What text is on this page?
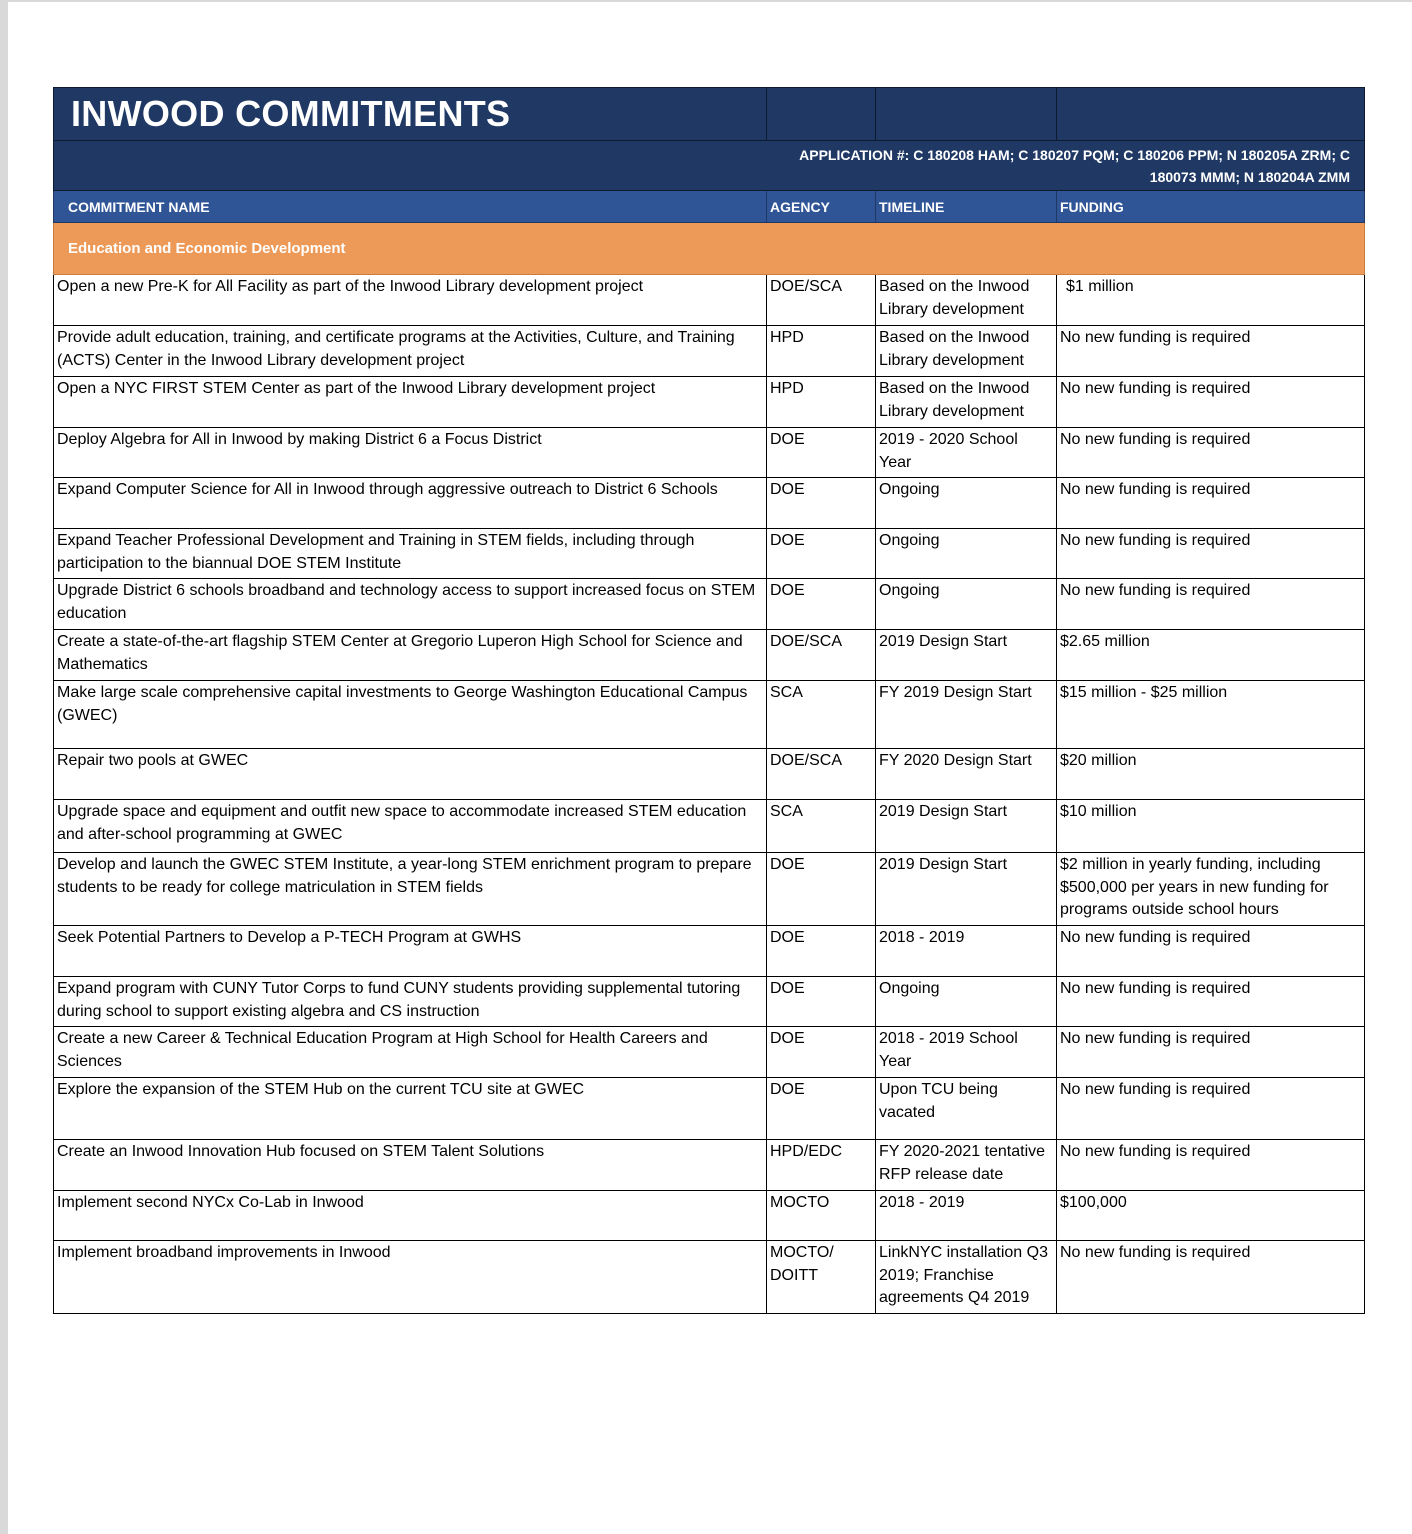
INWOOD COMMITMENTS			
	APPLICATION #: C 180208 HAM; C 180207 PQM; C 180206 PPM; N 180205A ZRM; C 180073 MMM; N 180204A ZMM		
COMMITMENT NAME	AGENCY	TIMELINE	FUNDING
Education and Economic Development			
Open a new Pre-K for All Facility as part of the Inwood Library development project	DOE/SCA	Based on the Inwood Library development	$1 million
Provide adult education, training, and certificate programs at the Activities, Culture, and Training (ACTS) Center in the Inwood Library development project	HPD	Based on the Inwood Library development	No new funding is required
Open a NYC FIRST STEM Center as part of the Inwood Library development project	HPD	Based on the Inwood Library development	No new funding is required
Deploy Algebra for All in Inwood by making District 6 a Focus District	DOE	2019 - 2020 School Year	No new funding is required
Expand Computer Science for All in Inwood through aggressive outreach to District 6 Schools	DOE	Ongoing	No new funding is required
Expand Teacher Professional Development and Training in STEM fields, including through participation to the biannual DOE STEM Institute	DOE	Ongoing	No new funding is required
Upgrade District 6 schools broadband and technology access to support increased focus on STEM education	DOE	Ongoing	No new funding is required
Create a state-of-the-art flagship STEM Center at Gregorio Luperon High School for Science and Mathematics	DOE/SCA	2019 Design Start	$2.65 million
Make large scale comprehensive capital investments to George Washington Educational Campus (GWEC)	SCA	FY 2019 Design Start	$15 million - $25 million
Repair two pools at GWEC	DOE/SCA	FY 2020 Design Start	$20 million
Upgrade space and equipment and outfit new space to accommodate increased STEM education and after-school programming at GWEC	SCA	2019 Design Start	$10 million
Develop and launch the GWEC STEM Institute, a year-long STEM enrichment program to prepare students to be ready for college matriculation in STEM fields	DOE	2019 Design Start	$2 million in yearly funding, including $500,000 per years in new funding for programs outside school hours
Seek Potential Partners to Develop a P-TECH Program at GWHS	DOE	2018 - 2019	No new funding is required
Expand program with CUNY Tutor Corps to fund CUNY students providing supplemental tutoring during school to support existing algebra and CS instruction	DOE	Ongoing	No new funding is required
Create a new Career & Technical Education Program at High School for Health Careers and Sciences	DOE	2018 - 2019 School Year	No new funding is required
Explore the expansion of the STEM Hub on the current TCU site at GWEC	DOE	Upon TCU being vacated	No new funding is required
Create an Inwood Innovation Hub focused on STEM Talent Solutions	HPD/EDC	FY 2020-2021 tentative RFP release date	No new funding is required
Implement second NYCx Co-Lab in Inwood	MOCTO	2018 - 2019	$100,000
Implement broadband improvements in Inwood	MOCTO/ DOITT	LinkNYC installation Q3 2019; Franchise agreements Q4 2019	No new funding is required
